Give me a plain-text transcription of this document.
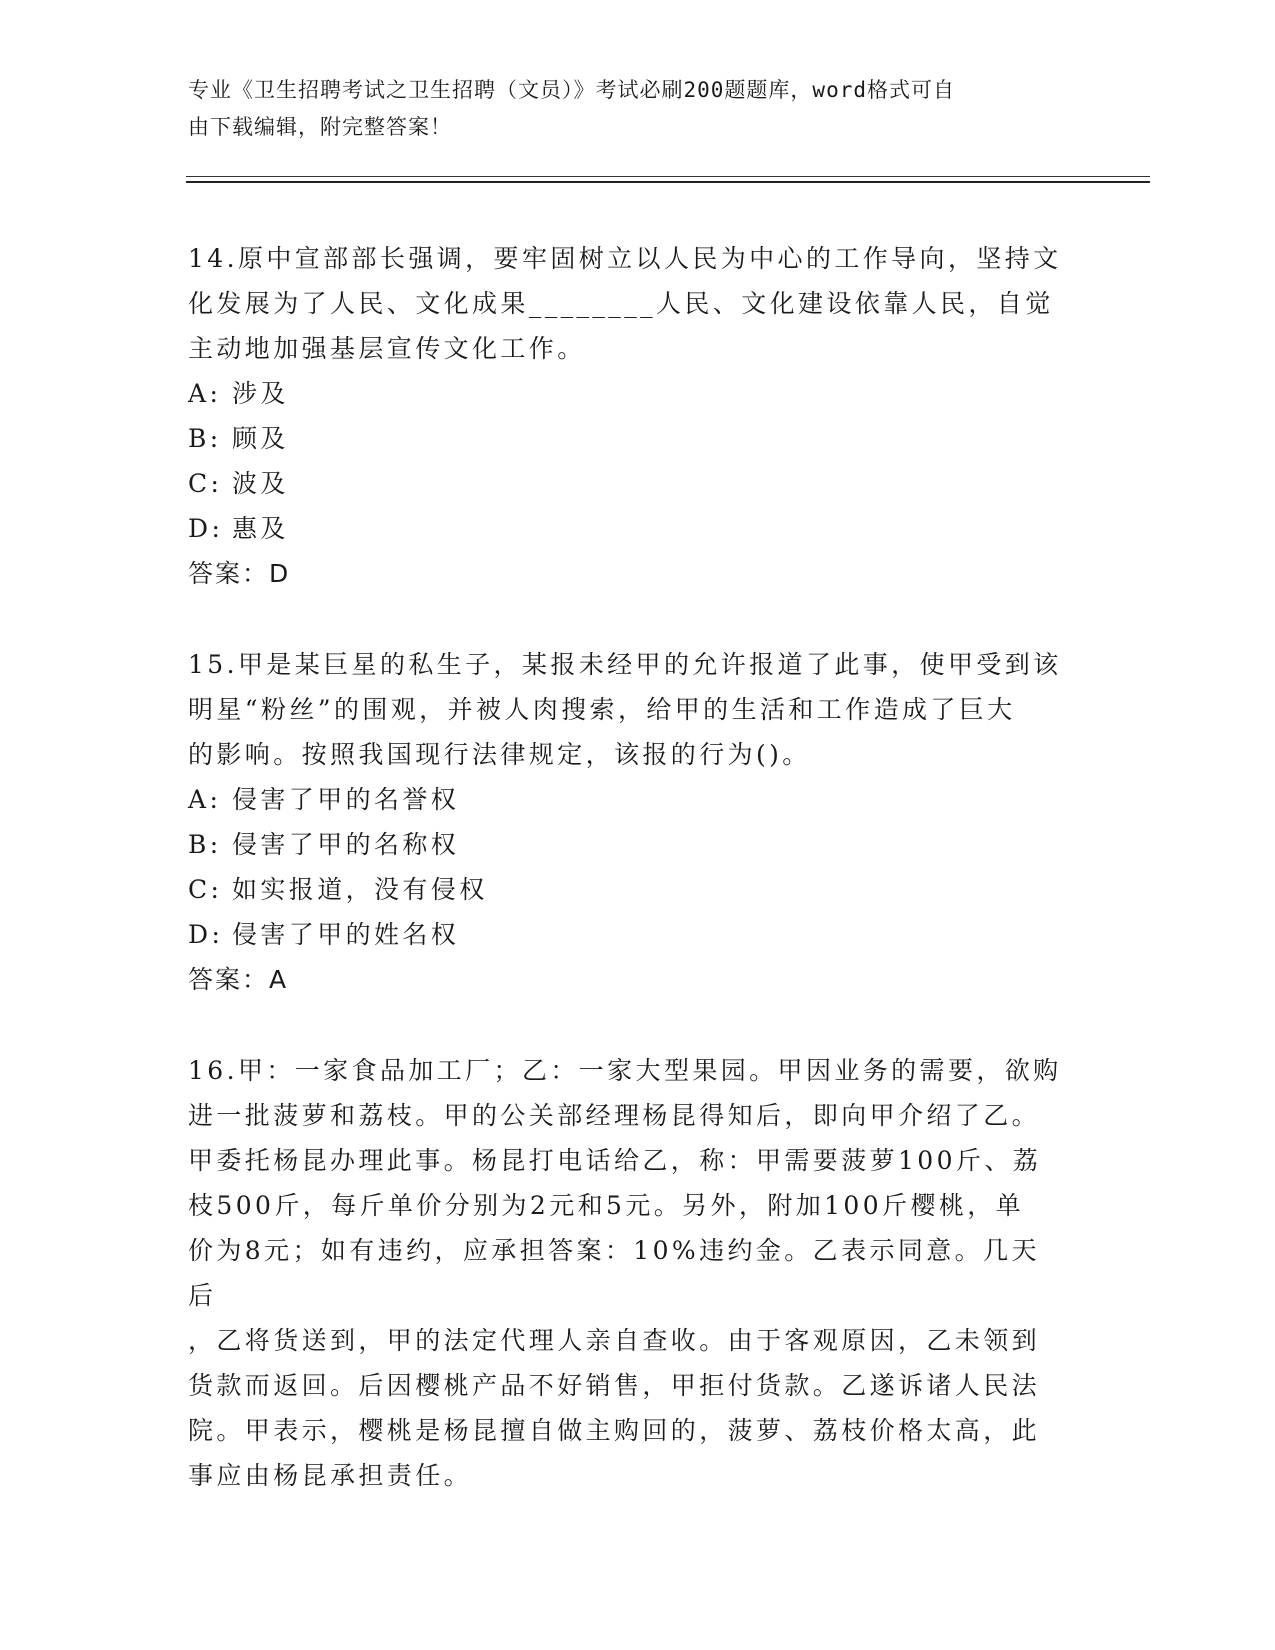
专业《卫生招聘考试之卫生招聘（文员）》考试必刷200题题库，word格式可自
由下载编辑，附完整答案！

14.原中宣部部长强调，要牢固树立以人民为中心的工作导向，坚持文

化发展为了人民、文化成果________人民、文化建设依靠人民，自觉

主动地加强基层宣传文化工作。

A: 涉及

B: 顾及

C: 波及

D: 惠及

答案：D

15.甲是某巨星的私生子，某报未经甲的允许报道了此事，使甲受到该

明星“粉丝”的围观，并被人肉搜索，给甲的生活和工作造成了巨大

的影响。按照我国现行法律规定，该报的行为()。

A: 侵害了甲的名誉权

B: 侵害了甲的名称权

C: 如实报道，没有侵权

D: 侵害了甲的姓名权

答案：A

16.甲：一家食品加工厂；乙：一家大型果园。甲因业务的需要，欲购

进一批菠萝和荔枝。甲的公关部经理杨昆得知后，即向甲介绍了乙。

甲委托杨昆办理此事。杨昆打电话给乙，称：甲需要菠萝100斤、荔

枝500斤，每斤单价分别为2元和5元。另外，附加100斤樱桃，单

价为8元；如有违约，应承担答案：10%违约金。乙表示同意。几天后

，乙将货送到，甲的法定代理人亲自查收。由于客观原因，乙未领到

货款而返回。后因樱桃产品不好销售，甲拒付货款。乙遂诉诸人民法

院。甲表示，樱桃是杨昆擅自做主购回的，菠萝、荔枝价格太高，此

事应由杨昆承担责任。
